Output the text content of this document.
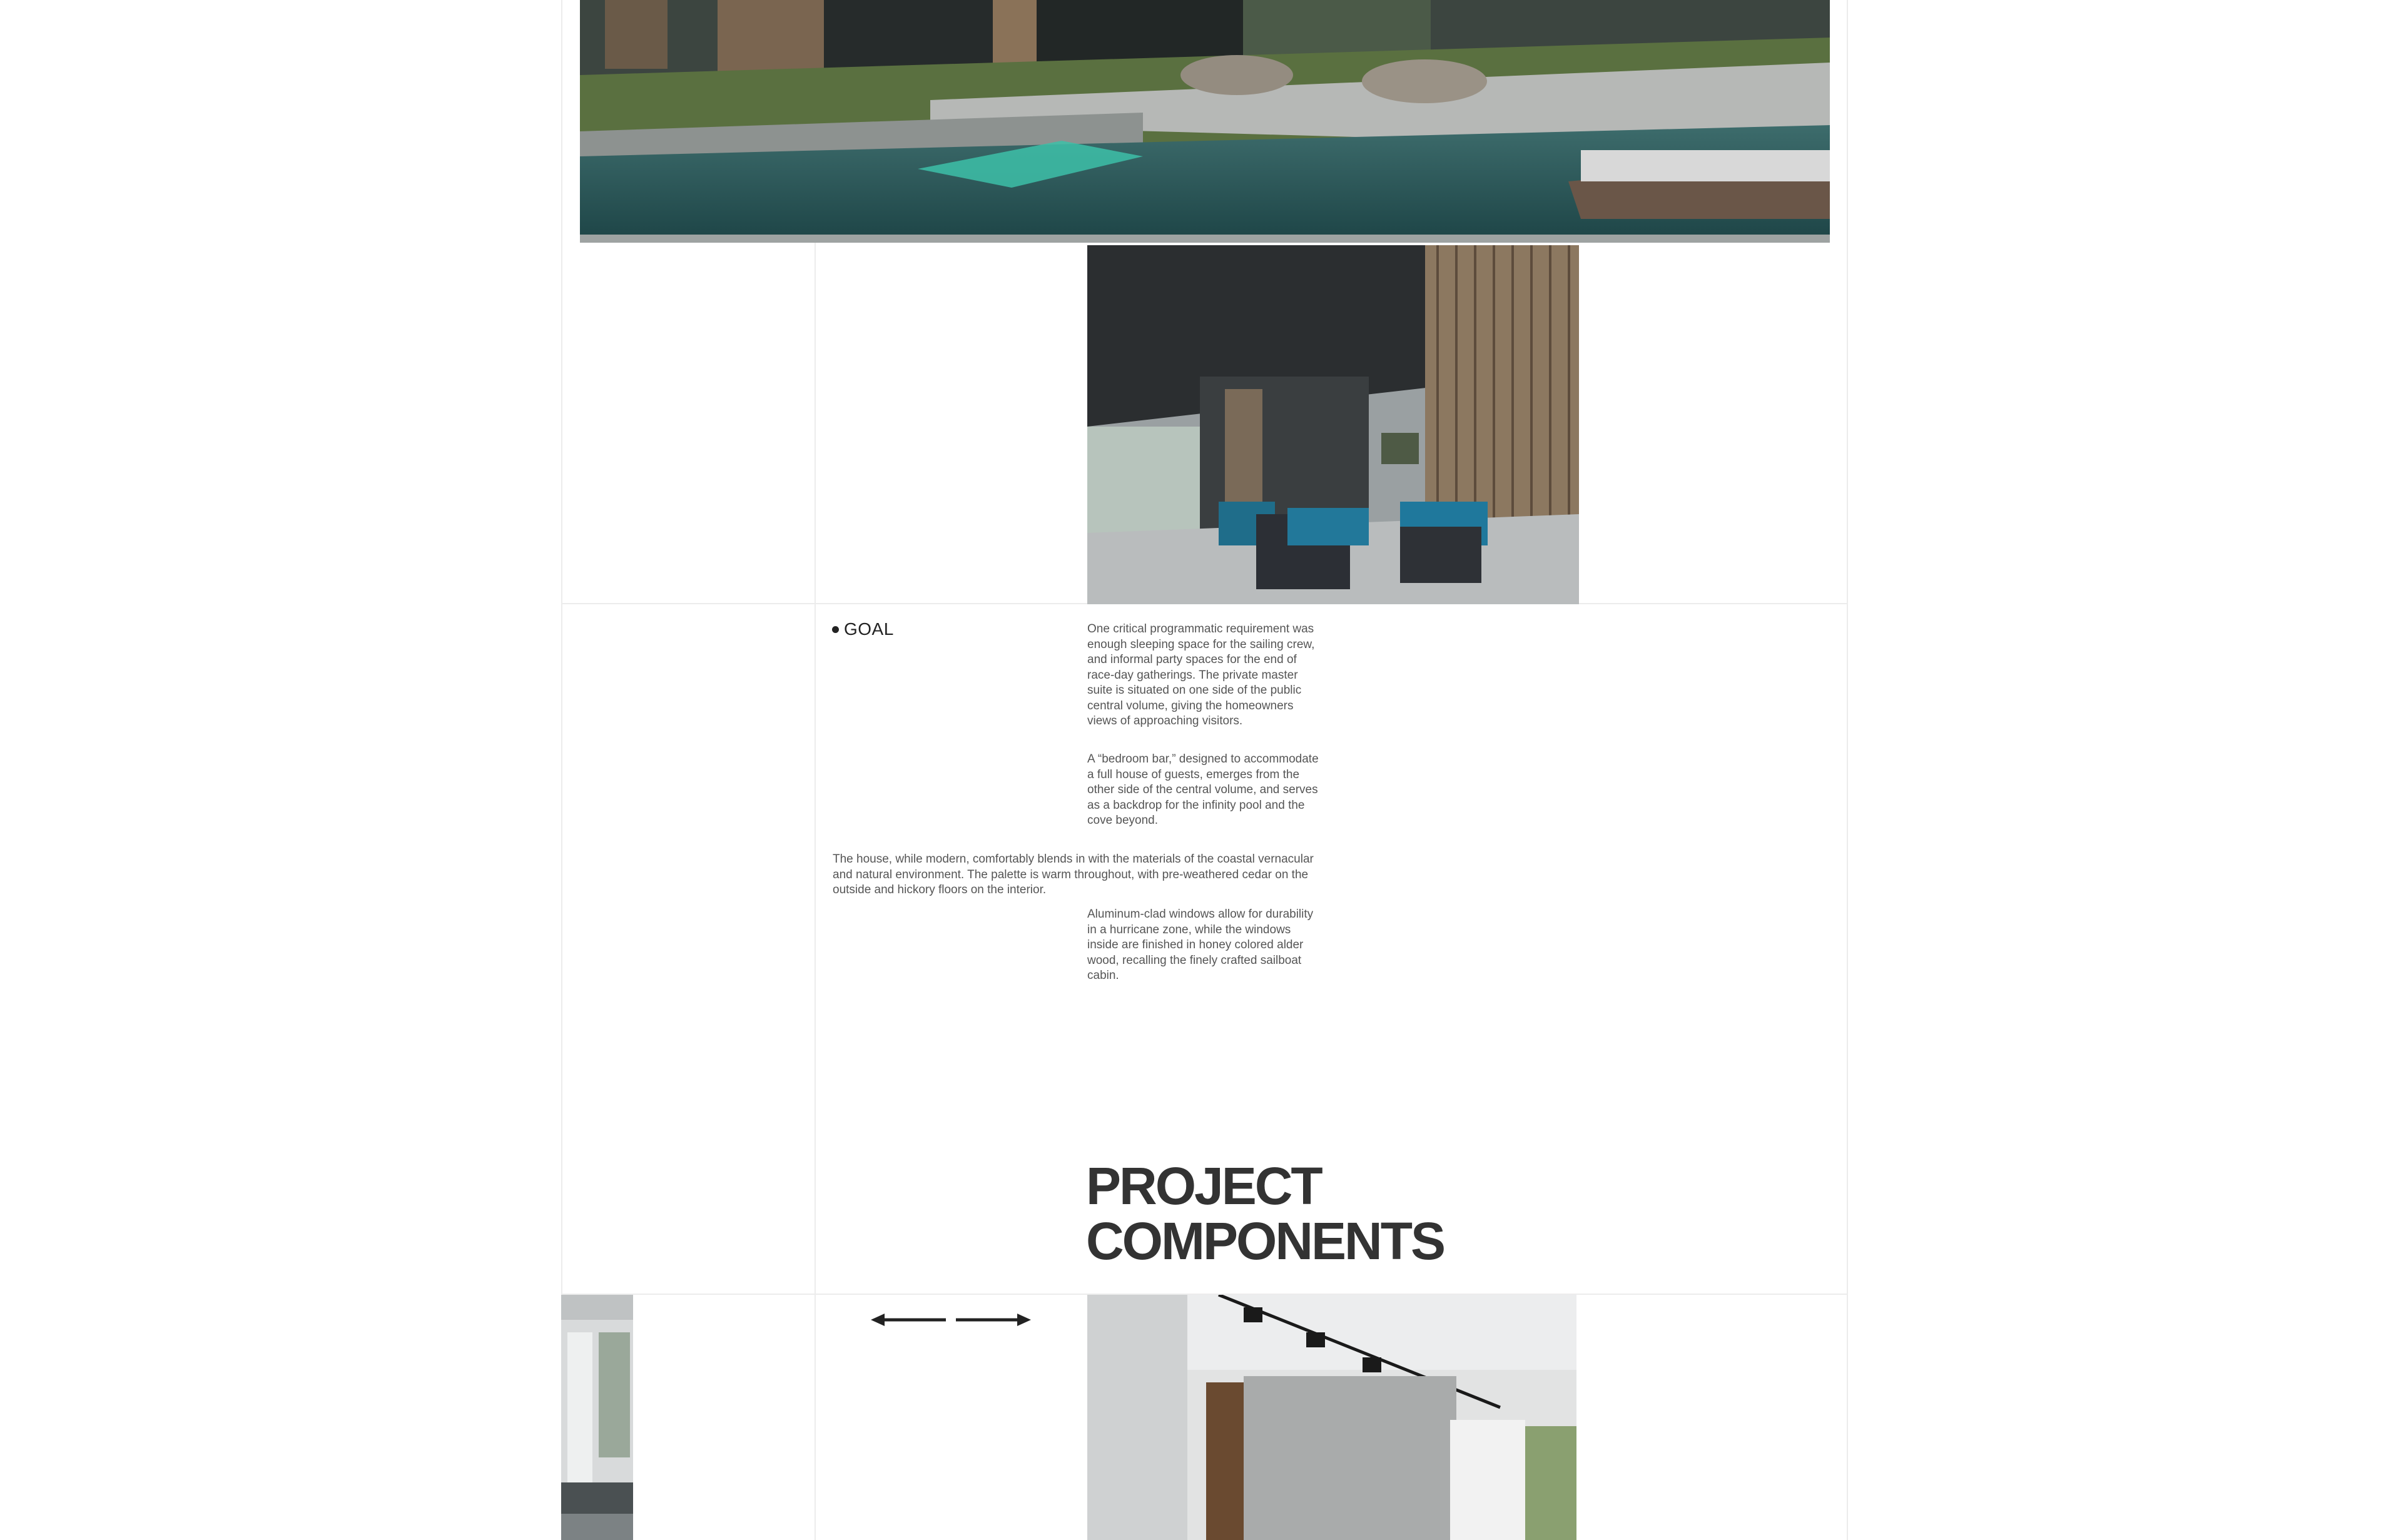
GOAL	One critical programmatic requirement was enough sleeping space for the sailing crew, and informal party spaces for the end of race-day gatherings. The private master suite is situated on one side of the public central volume, giving the homeowners views of approaching visitors.

A “bedroom bar,” designed to accommodate a full house of guests, emerges from the other side of the central volume, and serves as a backdrop for the infinity pool and the cove beyond.

The house, while modern, comfortably blends in with the materials of the coastal vernacular and natural environment. The palette is warm throughout, with pre-weathered cedar on the outside and hickory floors on the interior.

Aluminum-clad windows allow for durability in a hurricane zone, while the windows inside are finished in honey colored alder wood, recalling the finely crafted sailboat cabin.

PROJECT
COMPONENTS
